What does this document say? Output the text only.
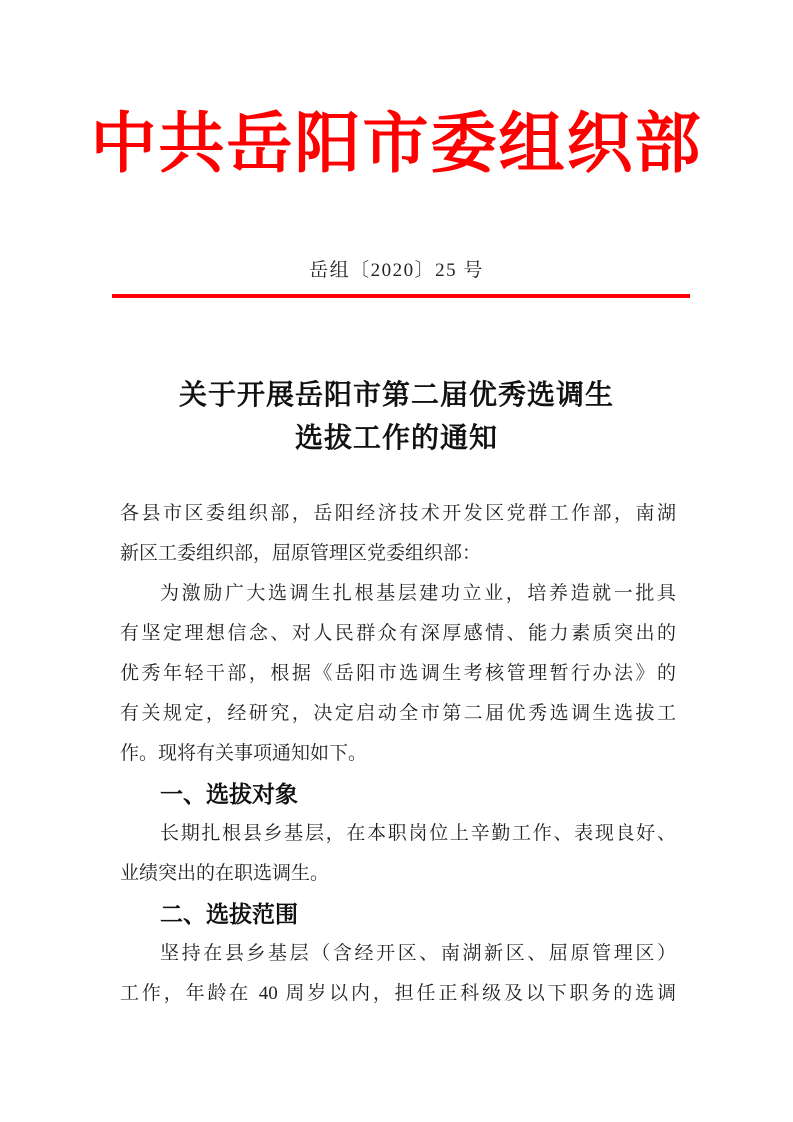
中共岳阳市委组织部
岳组〔2020〕25 号
关于开展岳阳市第二届优秀选调生
选拔工作的通知
各县市区委组织部，岳阳经济技术开发区党群工作部，南湖
新区工委组织部，屈原管理区党委组织部：
为激励广大选调生扎根基层建功立业，培养造就一批具
有坚定理想信念、对人民群众有深厚感情、能力素质突出的
优秀年轻干部，根据《岳阳市选调生考核管理暂行办法》的
有关规定，经研究，决定启动全市第二届优秀选调生选拔工
作。现将有关事项通知如下。
一、选拔对象
长期扎根县乡基层，在本职岗位上辛勤工作、表现良好、
业绩突出的在职选调生。
二、选拔范围
坚持在县乡基层（含经开区、南湖新区、屈原管理区）
工作，年龄在 40 周岁以内，担任正科级及以下职务的选调
